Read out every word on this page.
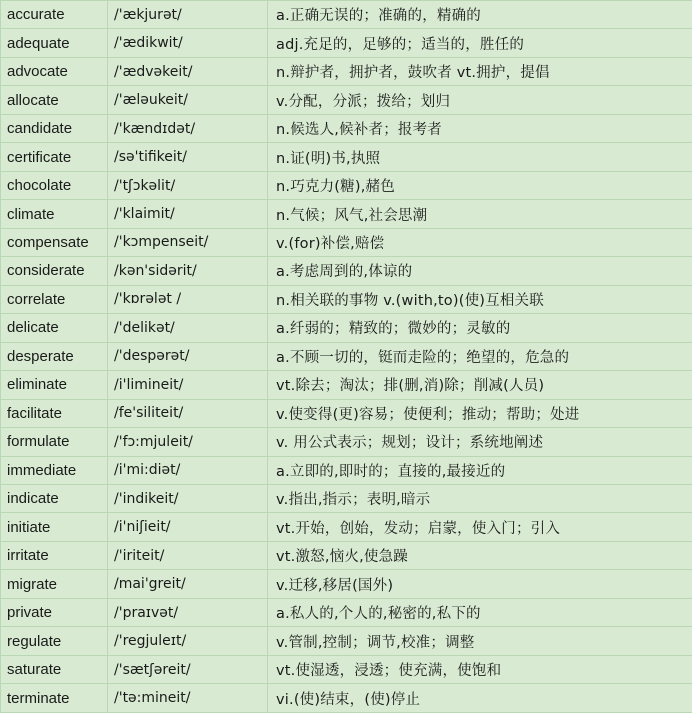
accurate	/'ækjurət/	a.正确无误的；准确的，精确的
adequate	/'ædikwit/	adj.充足的，足够的；适当的，胜任的
advocate	/'ædvəkeit/	n.辩护者，拥护者，鼓吹者 vt.拥护，提倡
allocate	/'æləukeit/	v.分配，分派；拨给；划归
candidate	/'kændɪdət/	n.候选人,候补者；报考者
certificate	/sə'tifikeit/	n.证(明)书,执照
chocolate	/'tʃɔkəlit/	n.巧克力(糖),赭色
climate	/'klaimit/	n.气候；风气,社会思潮
compensate	/'kɔmpenseit/	v.(for)补偿,赔偿
considerate	/kən'sidərit/	a.考虑周到的,体谅的
correlate	/'kɒrələt /	n.相关联的事物 v.(with,to)(使)互相关联
delicate	/'delikət/	a.纤弱的；精致的；微妙的；灵敏的
desperate	/'despərət/	a.不顾一切的，铤而走险的；绝望的，危急的
eliminate	/i'limineit/	vt.除去；淘汰；排(删,消)除；削减(人员)
facilitate	/fe'siliteit/	v.使变得(更)容易；使便利；推动；帮助；处进
formulate	/'fɔ:mjuleit/	v. 用公式表示；规划；设计；系统地阐述
immediate	/i'mi:diət/	a.立即的,即时的；直接的,最接近的
indicate	/'indikeit/	v.指出,指示；表明,暗示
initiate	/i'niʃieit/	vt.开始，创始，发动；启蒙，使入门；引入
irritate	/'iriteit/	vt.激怒,恼火,使急躁
migrate	/mai'greit/	v.迁移,移居(国外)
private	/'praɪvət/	a.私人的,个人的,秘密的,私下的
regulate	/'regjuleɪt/	v.管制,控制；调节,校准；调整
saturate	/'sætʃəreit/	vt.使湿透，浸透；使充满，使饱和
terminate	/'tə:mineit/	vi.(使)结束，(使)停止
